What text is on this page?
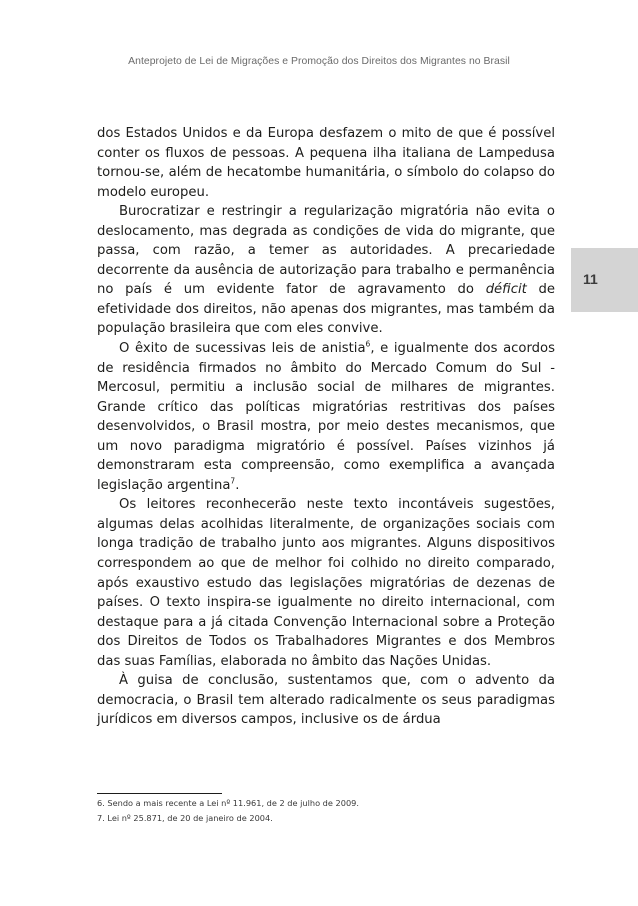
Anteprojeto de Lei de Migrações e Promoção dos Direitos dos Migrantes no Brasil

dos Estados Unidos e da Europa desfazem o mito de que é possível conter os fluxos de pessoas. A pequena ilha italiana de Lampedusa tornou-se, além de hecatombe humanitária, o símbolo do colapso do modelo europeu.

Burocratizar e restringir a regularização migratória não evita o deslocamento, mas degrada as condições de vida do migrante, que passa, com razão, a temer as autoridades. A precariedade decorrente da ausência de autorização para trabalho e permanência no país é um evidente fator de agravamento do déficit de efetividade dos direitos, não apenas dos migrantes, mas também da população brasileira que com eles convive.

O êxito de sucessivas leis de anistia$^6$, e igualmente dos acordos de residência firmados no âmbito do Mercado Comum do Sul - Mercosul, permitiu a inclusão social de milhares de migrantes. Grande crítico das políticas migratórias restritivas dos países desenvolvidos, o Brasil mostra, por meio destes mecanismos, que um novo paradigma migratório é possível. Países vizinhos já demonstraram esta compreensão, como exemplifica a avançada legislação argentina$^7$.

Os leitores reconhecerão neste texto incontáveis sugestões, algumas delas acolhidas literalmente, de organizações sociais com longa tradição de trabalho junto aos migrantes. Alguns dispositivos correspondem ao que de melhor foi colhido no direito comparado, após exaustivo estudo das legislações migratórias de dezenas de países. O texto inspira-se igualmente no direito internacional, com destaque para a já citada Convenção Internacional sobre a Proteção dos Direitos de Todos os Trabalhadores Migrantes e dos Membros das suas Famílias, elaborada no âmbito das Nações Unidas.

À guisa de conclusão, sustentamos que, com o advento da democracia, o Brasil tem alterado radicalmente os seus paradigmas jurídicos em diversos campos, inclusive os de árdua

11
6. Sendo a mais recente a Lei nº 11.961, de 2 de julho de 2009.
7. Lei nº 25.871, de 20 de janeiro de 2004.
